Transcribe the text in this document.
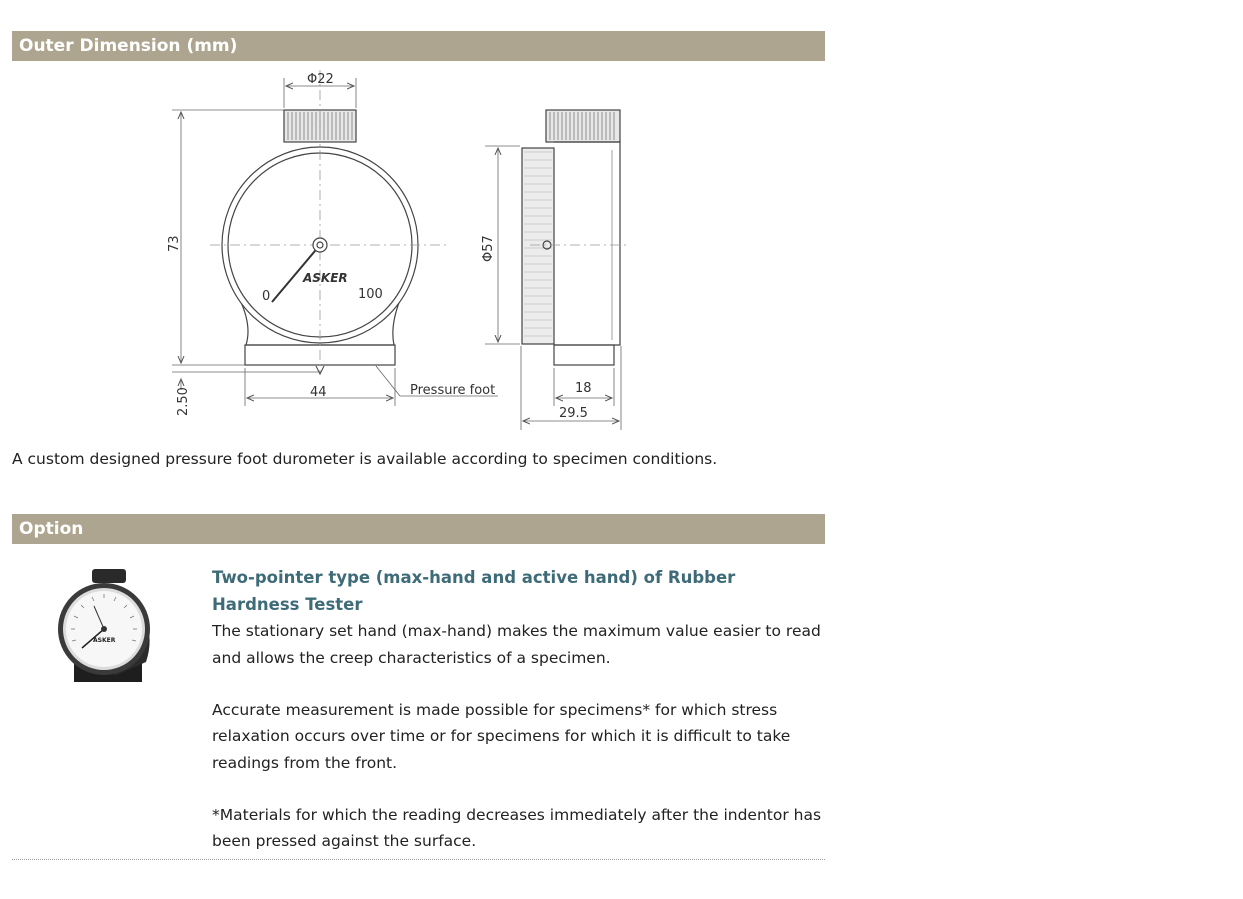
Outer Dimension (mm)
0	100
ASKER
Φ22
73
2.50	44	Pressure foot
Φ57
18
29.5
A custom designed pressure foot durometer is available according to specimen conditions.
Option
ASKER

Two-pointer type (max-hand and active hand) of Rubber Hardness Tester

The stationary set hand (max-hand) makes the maximum value easier to read and allows the creep characteristics of a specimen.

Accurate measurement is made possible for specimens* for which stress relaxation occurs over time or for specimens for which it is difficult to take readings from the front.

*Materials for which the reading decreases immediately after the indentor has been pressed against the surface.
